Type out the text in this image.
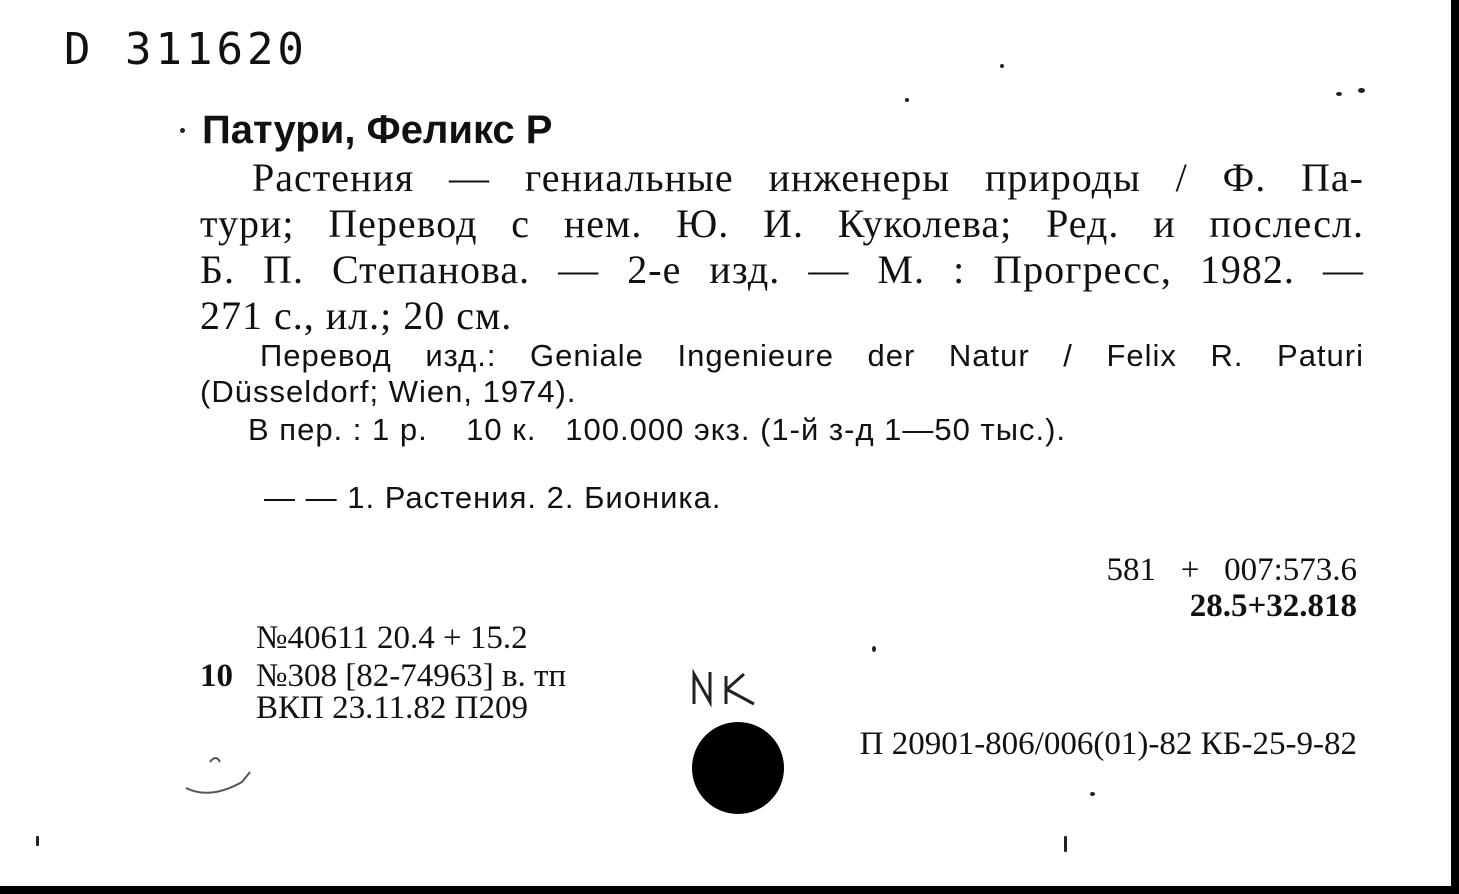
D 311620
Патури, Феликс Р
Растения — гениальные инженеры природы / Ф. Па-
тури; Перевод с нем. Ю. И. Куколева; Ред. и послесл.
Б. П. Степанова. — 2-е изд. — М. : Прогресс, 1982. —
271 с., ил.; 20 см.
Перевод изд.: Geniale Ingenieure der Natur / Felix R. Paturi
(Düsseldorf; Wien, 1974).
В пер. : 1 р.    10 к.   100.000 экз. (1-й з-д 1—50 тыс.).
— — 1. Растения. 2. Бионика.
581   +   007:573.6
28.5+32.818
№40611 20.4 + 15.2
10 №308 [82-74963] в. тп
ВКП 23.11.82 П209
П 20901-806/006(01)-82 КБ-25-9-82
